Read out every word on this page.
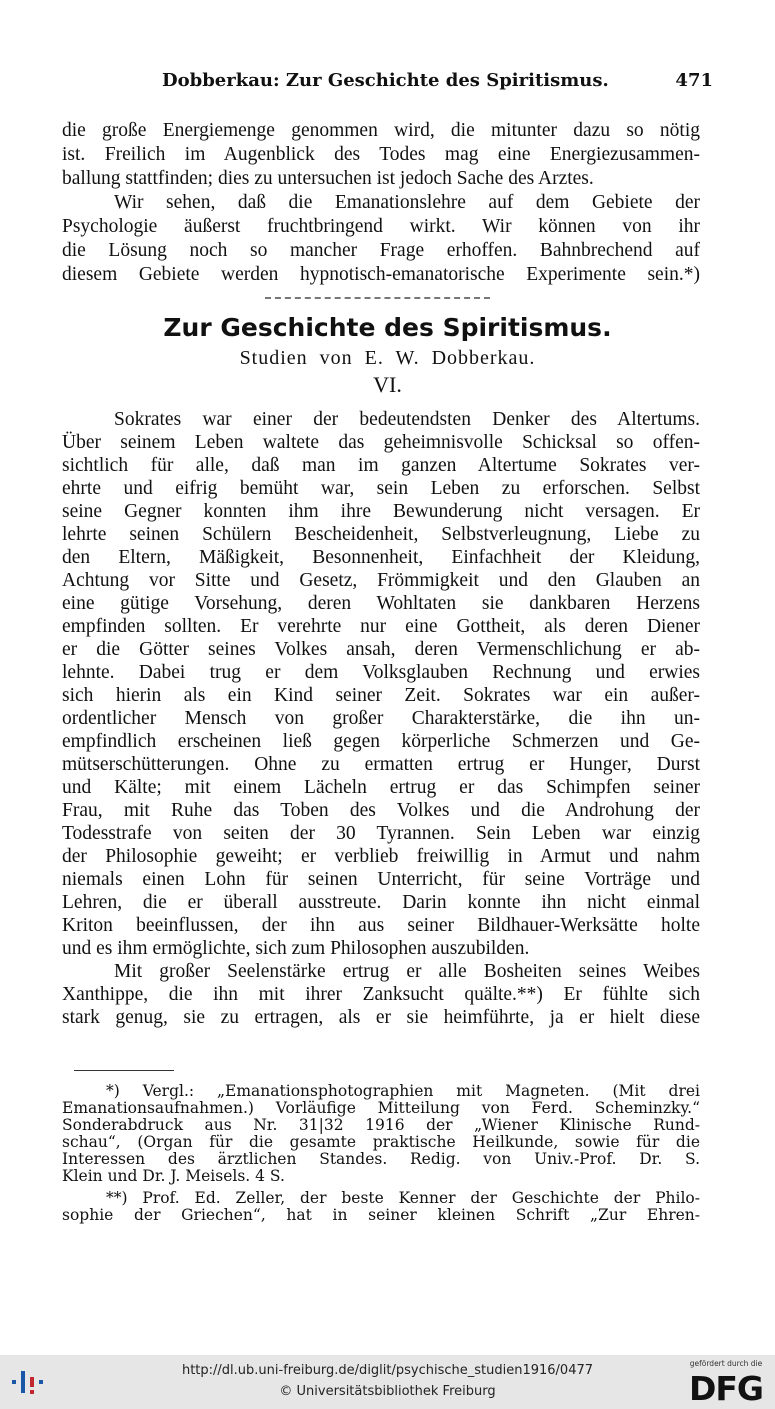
Dobberkau: Zur Geschichte des Spiritismus.	471
die große Energiemenge genommen wird, die mitunter dazu so nötig
ist. Freilich im Augenblick des Todes mag eine Energiezusammen-
ballung stattfinden; dies zu untersuchen ist jedoch Sache des Arztes.
Wir sehen, daß die Emanationslehre auf dem Gebiete der
Psychologie äußerst fruchtbringend wirkt. Wir können von ihr
die Lösung noch so mancher Frage erhoffen. Bahnbrechend auf
diesem Gebiete werden hypnotisch-emanatorische Experimente sein.*)
Zur Geschichte des Spiritismus.
Studien von E. W. Dobberkau.
VI.
Sokrates war einer der bedeutendsten Denker des Altertums.
Über seinem Leben waltete das geheimnisvolle Schicksal so offen-
sichtlich für alle, daß man im ganzen Altertume Sokrates ver-
ehrte und eifrig bemüht war, sein Leben zu erforschen. Selbst
seine Gegner konnten ihm ihre Bewunderung nicht versagen. Er
lehrte seinen Schülern Bescheidenheit, Selbstverleugnung, Liebe zu
den Eltern, Mäßigkeit, Besonnenheit, Einfachheit der Kleidung,
Achtung vor Sitte und Gesetz, Frömmigkeit und den Glauben an
eine gütige Vorsehung, deren Wohltaten sie dankbaren Herzens
empfinden sollten. Er verehrte nur eine Gottheit, als deren Diener
er die Götter seines Volkes ansah, deren Vermenschlichung er ab-
lehnte. Dabei trug er dem Volksglauben Rechnung und erwies
sich hierin als ein Kind seiner Zeit. Sokrates war ein außer-
ordentlicher Mensch von großer Charakterstärke, die ihn un-
empfindlich erscheinen ließ gegen körperliche Schmerzen und Ge-
mütserschütterungen. Ohne zu ermatten ertrug er Hunger, Durst
und Kälte; mit einem Lächeln ertrug er das Schimpfen seiner
Frau, mit Ruhe das Toben des Volkes und die Androhung der
Todesstrafe von seiten der 30 Tyrannen. Sein Leben war einzig
der Philosophie geweiht; er verblieb freiwillig in Armut und nahm
niemals einen Lohn für seinen Unterricht, für seine Vorträge und
Lehren, die er überall ausstreute. Darin konnte ihn nicht einmal
Kriton beeinflussen, der ihn aus seiner Bildhauer-Werksätte holte
und es ihm ermöglichte, sich zum Philosophen auszubilden.
Mit großer Seelenstärke ertrug er alle Bosheiten seines Weibes
Xanthippe, die ihn mit ihrer Zanksucht quälte.**) Er fühlte sich
stark genug, sie zu ertragen, als er sie heimführte, ja er hielt diese
*) Vergl.: „Emanationsphotographien mit Magneten. (Mit drei
Emanationsaufnahmen.) Vorläufige Mitteilung von Ferd. Scheminzky.“
Sonderabdruck aus Nr. 31|32 1916 der „Wiener Klinische Rund-
schau“, (Organ für die gesamte praktische Heilkunde, sowie für die
Interessen des ärztlichen Standes. Redig. von Univ.-Prof. Dr. S.
Klein und Dr. J. Meisels. 4 S.
**) Prof. Ed. Zeller, der beste Kenner der Geschichte der Philo-
sophie der Griechen“, hat in seiner kleinen Schrift „Zur Ehren-
http://dl.ub.uni-freiburg.de/diglit/psychische_studien1916/0477
© Universitätsbibliothek Freiburg
gefördert durch die
DFG
